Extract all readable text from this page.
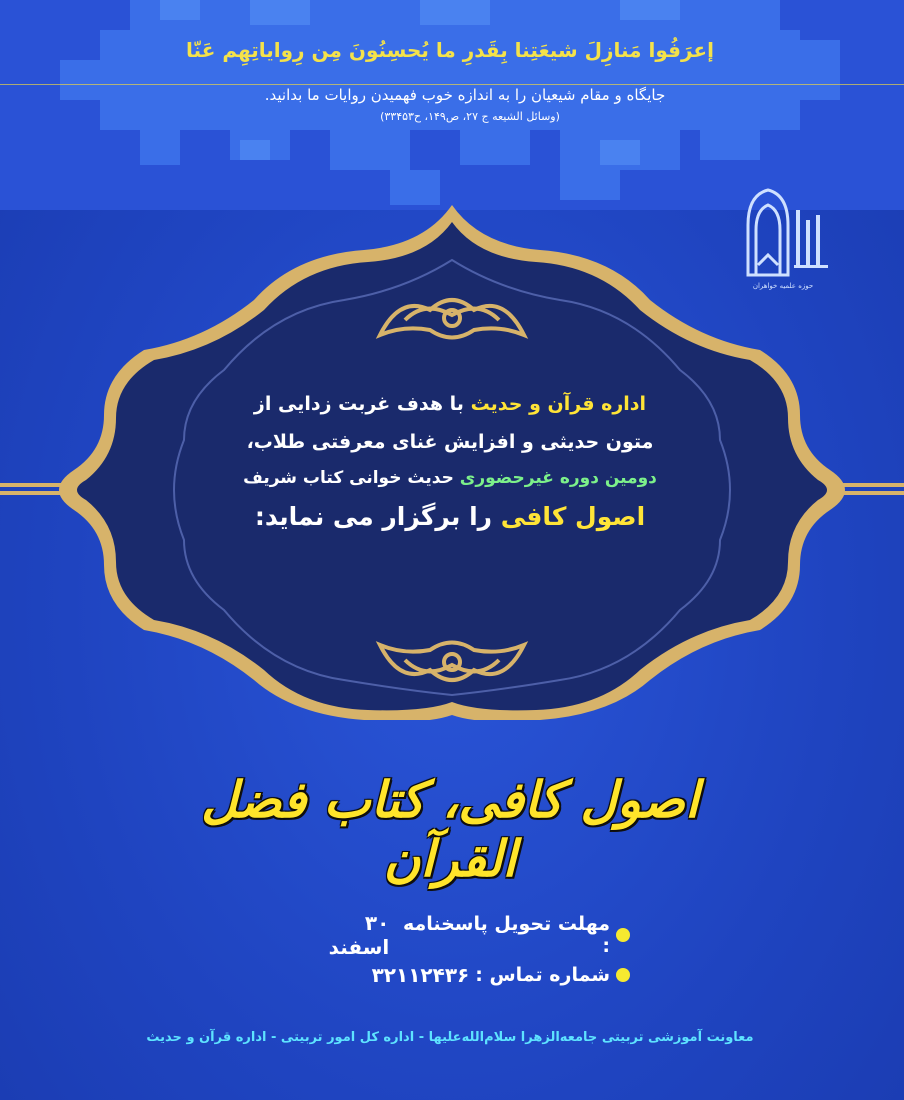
إعرَفُوا مَنازِلَ شيعَتِنا بِقَدرِ ما يُحسِنُونَ مِن رِوایاتِهِم عَنّا
جایگاه و مقام شیعیان را به اندازه خوب فهمیدن روایات ما بدانید.
(وسائل الشیعه ج ۲۷، ص۱۴۹، ح۳۳۴۵۳)
حوزه علمیه خواهران
اداره قرآن و حدیث با هدف غربت زدایی از
متون حدیثی و افزایش غنای معرفتی طلاب،
دومین دوره غیرحضوری حدیث خوانی کتاب شریف
اصول کافی را برگزار می نماید:
اصول کافی، کتاب فضل القرآن
مهلت تحویل پاسخنامه :
۳۰ اسفند
شماره تماس :
۳۲۱۱۲۴۳۶
معاونت آموزشی تربیتی جامعه‌الزهرا سلام‌الله‌علیها - اداره کل امور تربیتی - اداره قرآن و حدیث
